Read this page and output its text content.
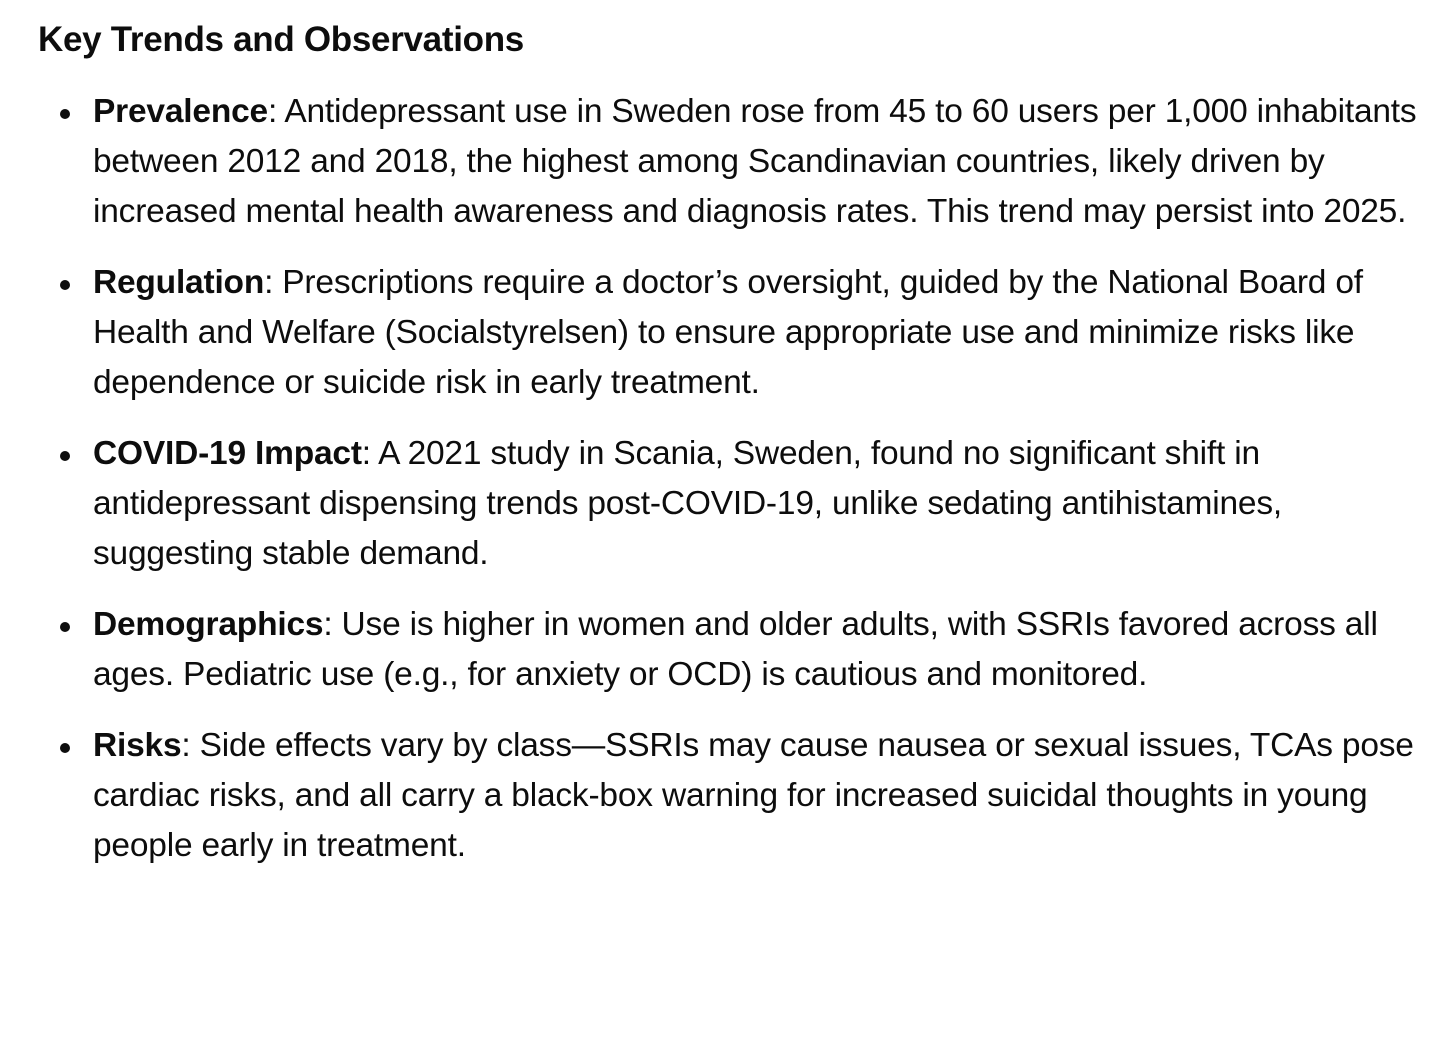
Key Trends and Observations
Prevalence: Antidepressant use in Sweden rose from 45 to 60 users per 1,000 inhabitants between 2012 and 2018, the highest among Scandinavian countries, likely driven by increased mental health awareness and diagnosis rates. This trend may persist into 2025.
Regulation: Prescriptions require a doctor’s oversight, guided by the National Board of Health and Welfare (Socialstyrelsen) to ensure appropriate use and minimize risks like dependence or suicide risk in early treatment.
COVID-19 Impact: A 2021 study in Scania, Sweden, found no significant shift in antidepressant dispensing trends post-COVID-19, unlike sedating antihistamines, suggesting stable demand.
Demographics: Use is higher in women and older adults, with SSRIs favored across all ages. Pediatric use (e.g., for anxiety or OCD) is cautious and monitored.
Risks: Side effects vary by class—SSRIs may cause nausea or sexual issues, TCAs pose cardiac risks, and all carry a black-box warning for increased suicidal thoughts in young people early in treatment.
